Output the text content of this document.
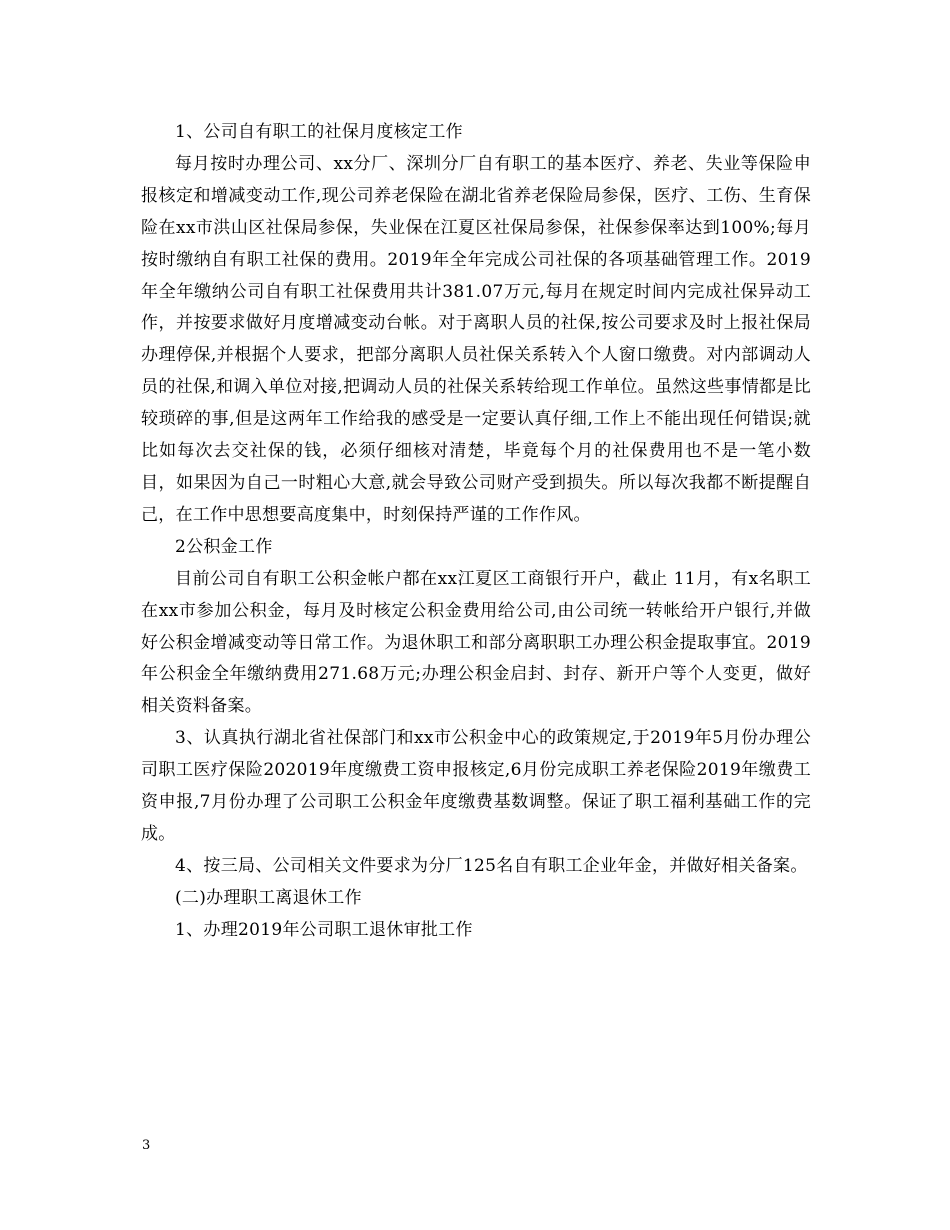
1、公司自有职工的社保月度核定工作

每月按时办理公司、xx分厂、深圳分厂自有职工的基本医疗、养老、失业等保险申报核定和增减变动工作,现公司养老保险在湖北省养老保险局参保，医疗、工伤、生育保险在xx市洪山区社保局参保，失业保在江夏区社保局参保，社保参保率达到100%;每月按时缴纳自有职工社保的费用。2019年全年完成公司社保的各项基础管理工作。2019年全年缴纳公司自有职工社保费用共计381.07万元,每月在规定时间内完成社保异动工作，并按要求做好月度增减变动台帐。对于离职人员的社保,按公司要求及时上报社保局办理停保,并根据个人要求，把部分离职人员社保关系转入个人窗口缴费。对内部调动人员的社保,和调入单位对接,把调动人员的社保关系转给现工作单位。虽然这些事情都是比较琐碎的事,但是这两年工作给我的感受是一定要认真仔细,工作上不能出现任何错误;就比如每次去交社保的钱，必须仔细核对清楚，毕竟每个月的社保费用也不是一笔小数目，如果因为自己一时粗心大意,就会导致公司财产受到损失。所以每次我都不断提醒自己，在工作中思想要高度集中，时刻保持严谨的工作作风。

2公积金工作

目前公司自有职工公积金帐户都在xx江夏区工商银行开户，截止 11月，有x名职工在xx市参加公积金，每月及时核定公积金费用给公司,由公司统一转帐给开户银行,并做好公积金增减变动等日常工作。为退休职工和部分离职职工办理公积金提取事宜。2019年公积金全年缴纳费用271.68万元;办理公积金启封、封存、新开户等个人变更，做好相关资料备案。

3、认真执行湖北省社保部门和xx市公积金中心的政策规定,于2019年5月份办理公司职工医疗保险202019年度缴费工资申报核定,6月份完成职工养老保险2019年缴费工资申报,7月份办理了公司职工公积金年度缴费基数调整。保证了职工福利基础工作的完成。

4、按三局、公司相关文件要求为分厂125名自有职工企业年金，并做好相关备案。

(二)办理职工离退休工作

1、办理2019年公司职工退休审批工作

3
